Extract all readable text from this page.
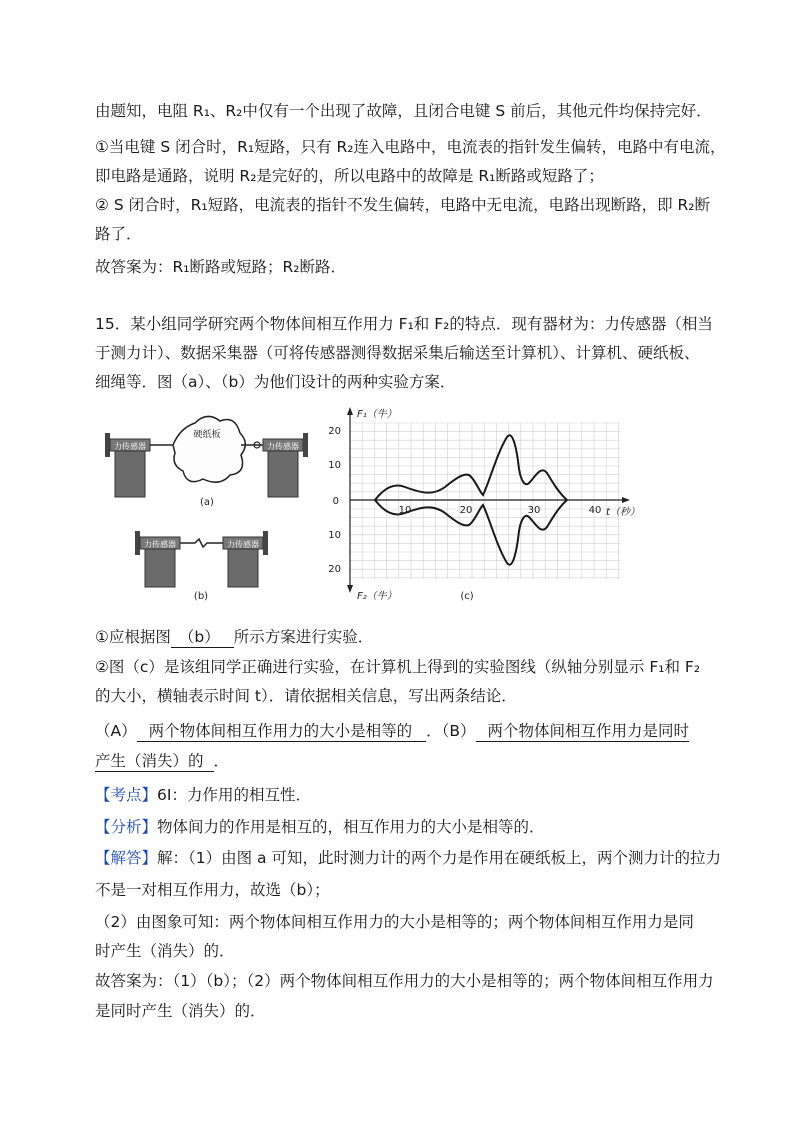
由题知，电阻 R₁、R₂中仅有一个出现了故障，且闭合电键 S 前后，其他元件均保持完好．
①当电键 S 闭合时，R₁短路，只有 R₂连入电路中，电流表的指针发生偏转，电路中有电流，
即电路是通路，说明 R₂是完好的，所以电路中的故障是 R₁断路或短路了；
② S 闭合时，R₁短路，电流表的指针不发生偏转，电路中无电流，电路出现断路，即 R₂断
路了．
故答案为：R₁断路或短路；R₂断路．
15．某小组同学研究两个物体间相互作用力 F₁和 F₂的特点．现有器材为：力传感器（相当
于测力计）、数据采集器（可将传感器测得数据采集后输送至计算机）、计算机、硬纸板、
细绳等．图（a）、（b）为他们设计的两种实验方案．
力传感器
硬纸板
力传感器
(a)
力传感器	力传感器
(b)
F₁（牛）
F₂（牛）
t（秒）
0
20
10
10
20
10	20	30	40
(c)
①应根据图 （b） 所示方案进行实验．
②图（c）是该组同学正确进行实验，在计算机上得到的实验图线（纵轴分别显示 F₁和 F₂
的大小，横轴表示时间 t）．请依据相关信息，写出两条结论．
（A） 两个物体间相互作用力的大小是相等的 ．（B） 两个物体间相互作用力是同时
产生（消失）的 ．
【考点】6I：力作用的相互性．
【分析】物体间力的作用是相互的，相互作用力的大小是相等的．
【解答】解：（1）由图 a 可知，此时测力计的两个力是作用在硬纸板上，两个测力计的拉力
不是一对相互作用力，故选（b）；
（2）由图象可知：两个物体间相互作用力的大小是相等的；两个物体间相互作用力是同
时产生（消失）的．
故答案为：（1）（b）；（2）两个物体间相互作用力的大小是相等的；两个物体间相互作用力
是同时产生（消失）的．
